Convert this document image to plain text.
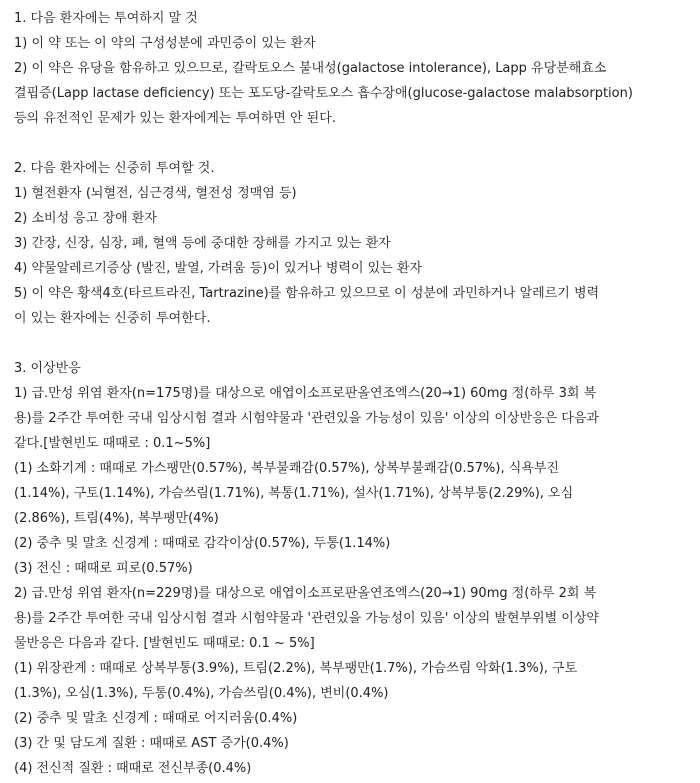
1. 다음 환자에는 투여하지 말 것
1) 이 약 또는 이 약의 구성성분에 과민증이 있는 환자
2) 이 약은 유당을 함유하고 있으므로, 갈락토오스 불내성(galactose intolerance), Lapp 유당분해효소
결핍증(Lapp lactase deficiency) 또는 포도당-갈락토오스 흡수장애(glucose-galactose malabsorption)
등의 유전적인 문제가 있는 환자에게는 투여하면 안 된다.
2. 다음 환자에는 신중히 투여할 것.
1) 혈전환자 (뇌혈전, 심근경색, 혈전성 정맥염 등)
2) 소비성 응고 장애 환자
3) 간장, 신장, 심장, 폐, 혈액 등에 중대한 장해를 가지고 있는 환자
4) 약물알레르기증상 (발진, 발열, 가려움 등)이 있거나 병력이 있는 환자
5) 이 약은 황색4호(타르트라진, Tartrazine)를 함유하고 있으므로 이 성분에 과민하거나 알레르기 병력
이 있는 환자에는 신중히 투여한다.
3. 이상반응
1) 급.만성 위염 환자(n=175명)를 대상으로 애엽이소프로판올연조엑스(20→1) 60mg 정(하루 3회 복
용)를 2주간 투여한 국내 임상시험 결과 시험약물과 '관련있을 가능성이 있음' 이상의 이상반응은 다음과
같다.[발현빈도 때때로 : 0.1~5%]
(1) 소화기계 : 때때로 가스팽만(0.57%), 복부불쾌감(0.57%), 상복부불쾌감(0.57%), 식욕부진
(1.14%), 구토(1.14%), 가슴쓰림(1.71%), 복통(1.71%), 설사(1.71%), 상복부통(2.29%), 오심
(2.86%), 트림(4%), 복부팽만(4%)
(2) 중추 및 말초 신경계 : 때때로 감각이상(0.57%), 두통(1.14%)
(3) 전신 : 때때로 피로(0.57%)
2) 급.만성 위염 환자(n=229명)를 대상으로 애엽이소프로판올연조엑스(20→1) 90mg 정(하루 2회 복
용)를 2주간 투여한 국내 임상시험 결과 시험약물과 '관련있을 가능성이 있음' 이상의 발현부위별 이상약
물반응은 다음과 같다. [발현빈도 때때로: 0.1 ~ 5%]
(1) 위장관계 : 때때로 상복부통(3.9%), 트림(2.2%), 복부팽만(1.7%), 가슴쓰림 악화(1.3%), 구토
(1.3%), 오심(1.3%), 두통(0.4%), 가슴쓰림(0.4%), 변비(0.4%)
(2) 중추 및 말초 신경계 : 때때로 어지러움(0.4%)
(3) 간 및 담도계 질환 : 때때로 AST 증가(0.4%)
(4) 전신적 질환 : 때때로 전신부종(0.4%)
